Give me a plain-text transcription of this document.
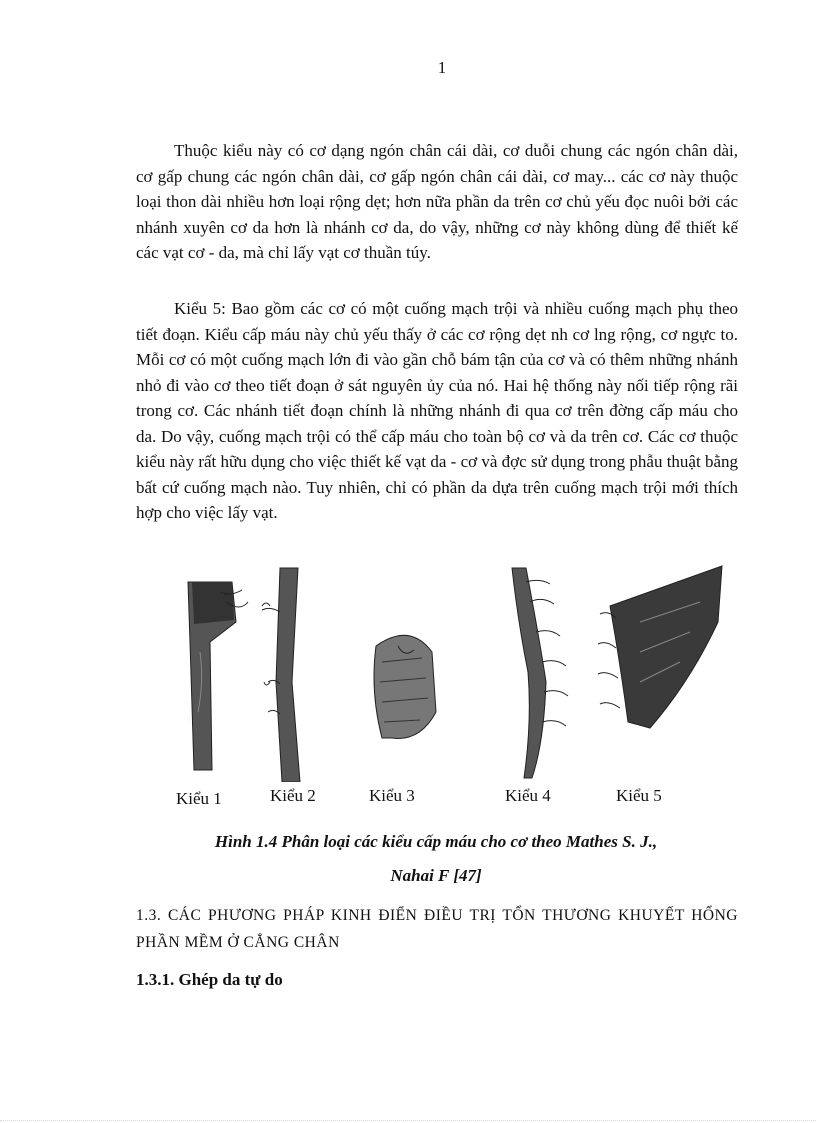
1

Thuộc kiểu này có cơ dạng ngón chân cái dài, cơ duỗi chung các ngón chân dài, cơ gấp chung các ngón chân dài, cơ gấp ngón chân cái dài, cơ may... các cơ này thuộc loại thon dài nhiều hơn loại rộng dẹt; hơn nữa phần da trên cơ chủ yếu đọc nuôi bởi các nhánh xuyên cơ da hơn là nhánh cơ da, do vậy, những cơ này không dùng để thiết kế các vạt cơ - da, mà chỉ lấy vạt cơ thuần túy.

Kiểu 5: Bao gồm các cơ có một cuống mạch trội và nhiều cuống mạch phụ theo tiết đoạn. Kiểu cấp máu này chủ yếu thấy ở các cơ rộng dẹt nh cơ lng rộng, cơ ngực to. Mỗi cơ có một cuống mạch lớn đi vào gần chỗ bám tận của cơ và có thêm những nhánh nhỏ đi vào cơ theo tiết đoạn ở sát nguyên ủy của nó. Hai hệ thống này nối tiếp rộng rãi trong cơ. Các nhánh tiết đoạn chính là những nhánh đi qua cơ trên đờng cấp máu cho da. Do vậy, cuống mạch trội có thể cấp máu cho toàn bộ cơ và da trên cơ. Các cơ thuộc kiểu này rất hữu dụng cho việc thiết kế vạt da - cơ và đợc sử dụng trong phẫu thuật bằng bất cứ cuống mạch nào. Tuy nhiên, chỉ có phần da dựa trên cuống mạch trội mới thích hợp cho việc lấy vạt.

Kiểu 1	Kiểu 2	Kiểu 3	Kiểu 4	Kiểu 5
Hình 1.4 Phân loại các kiểu cấp máu cho cơ theo Mathes S. J.,
Nahai F [47]

1.3. CÁC PHƯƠNG PHÁP KINH ĐIỂN ĐIỀU TRỊ TỔN THƯƠNG KHUYẾT HỔNG PHẦN MỀM Ở CẲNG CHÂN

1.3.1. Ghép da tự do
